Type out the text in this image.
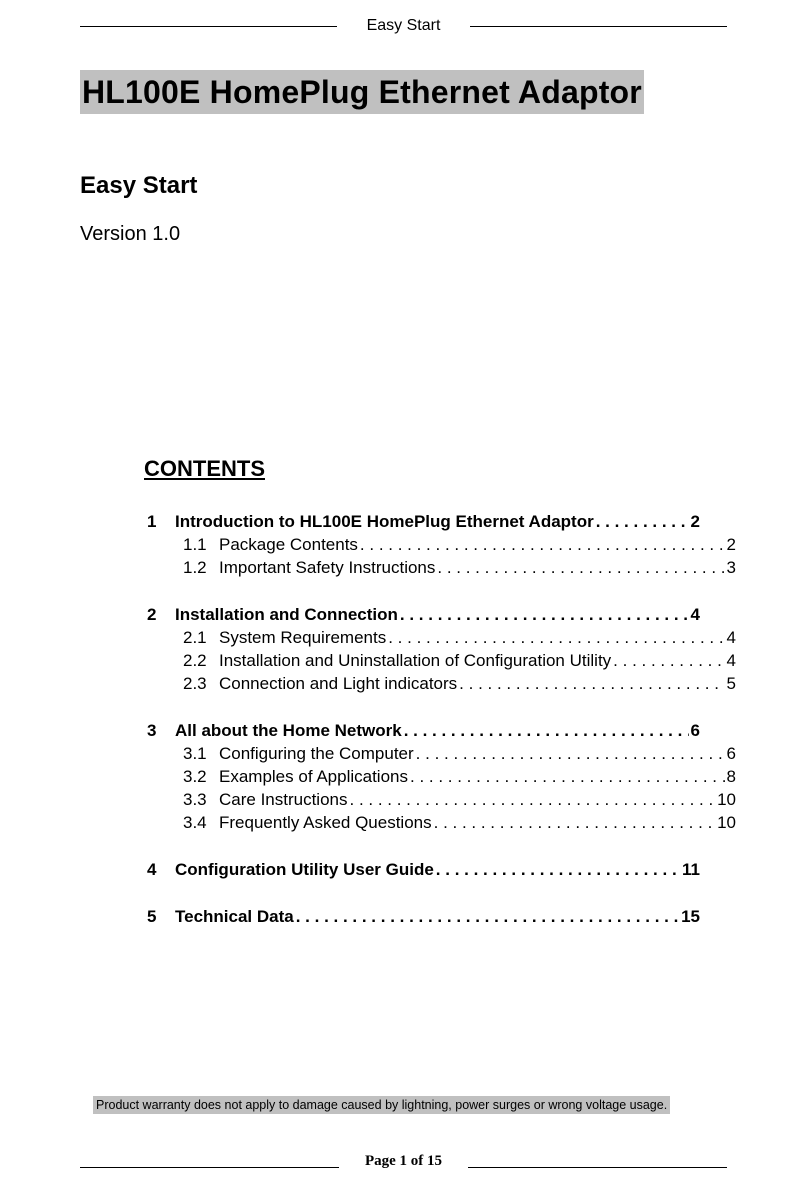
Easy Start
HL100E HomePlug Ethernet Adaptor
Easy Start
Version 1.0
CONTENTS
1	Introduction to HL100E HomePlug Ethernet Adaptor . . .	2
1.1 Package Contents . . .	2
1.2 Important Safety Instructions . . .	3
2	Installation and Connection . . .	4
2.1 System Requirements . . .	4
2.2 Installation and Uninstallation of Configuration Utility . . .	4
2.3 Connection and Light indicators . . .	5
3	All about the Home Network . . .	6
3.1 Configuring the Computer . . .	6
3.2 Examples of Applications . . .	8
3.3 Care Instructions . . .	10
3.4 Frequently Asked Questions . . .	10
4	Configuration Utility User Guide . . .	11
5	Technical Data . . .	15
Product warranty does not apply to damage caused by lightning, power surges or wrong voltage usage.
Page 1 of 15
